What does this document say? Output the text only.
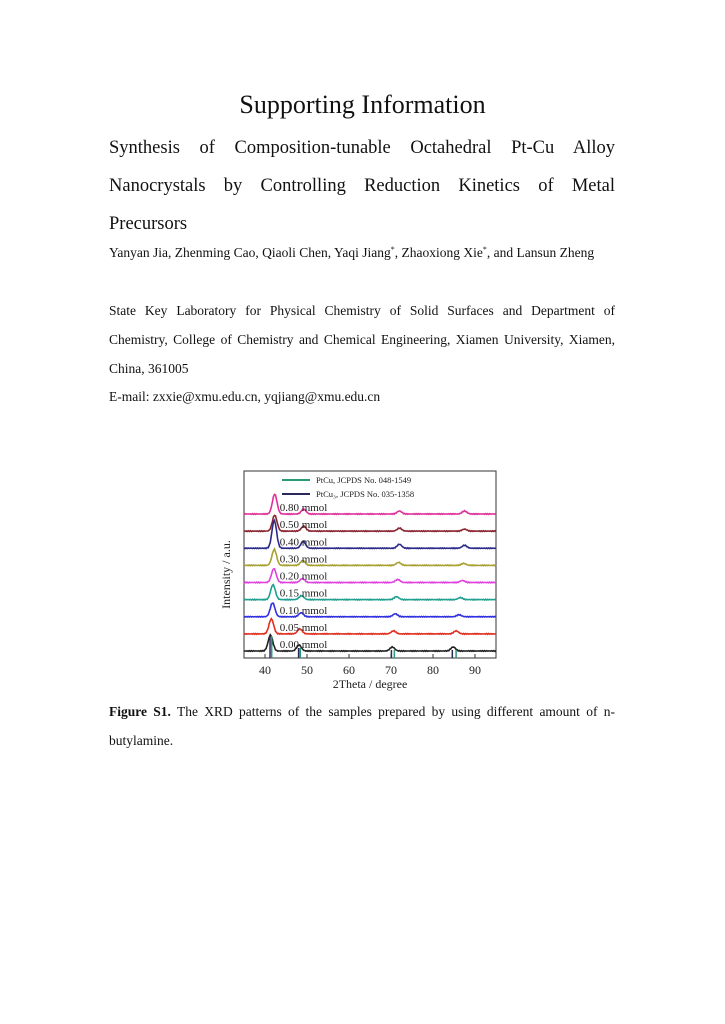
Supporting Information

Synthesis of Composition-tunable Octahedral Pt-Cu Alloy Nanocrystals by Controlling Reduction Kinetics of Metal Precursors

Yanyan Jia, Zhenming Cao, Qiaoli Chen, Yaqi Jiang*, Zhaoxiong Xie*, and Lansun Zheng

State Key Laboratory for Physical Chemistry of Solid Surfaces and Department of Chemistry, College of Chemistry and Chemical Engineering, Xiamen University, Xiamen, China, 361005

E-mail: zxxie@xmu.edu.cn, yqjiang@xmu.edu.cn

40	50	60	70	80	90
2Theta / degree
Intensity / a.u.
PtCu, JCPDS No. 048-1549
PtCu₃, JCPDS No. 035-1358
0.80 mmol
0.50 mmol
0.40 mmol
0.30 mmol
0.20 mmol
0.15 mmol
0.10 mmol
0.05 mmol
0.00 mmol

Figure S1. The XRD patterns of the samples prepared by using different amount of n-butylamine.
